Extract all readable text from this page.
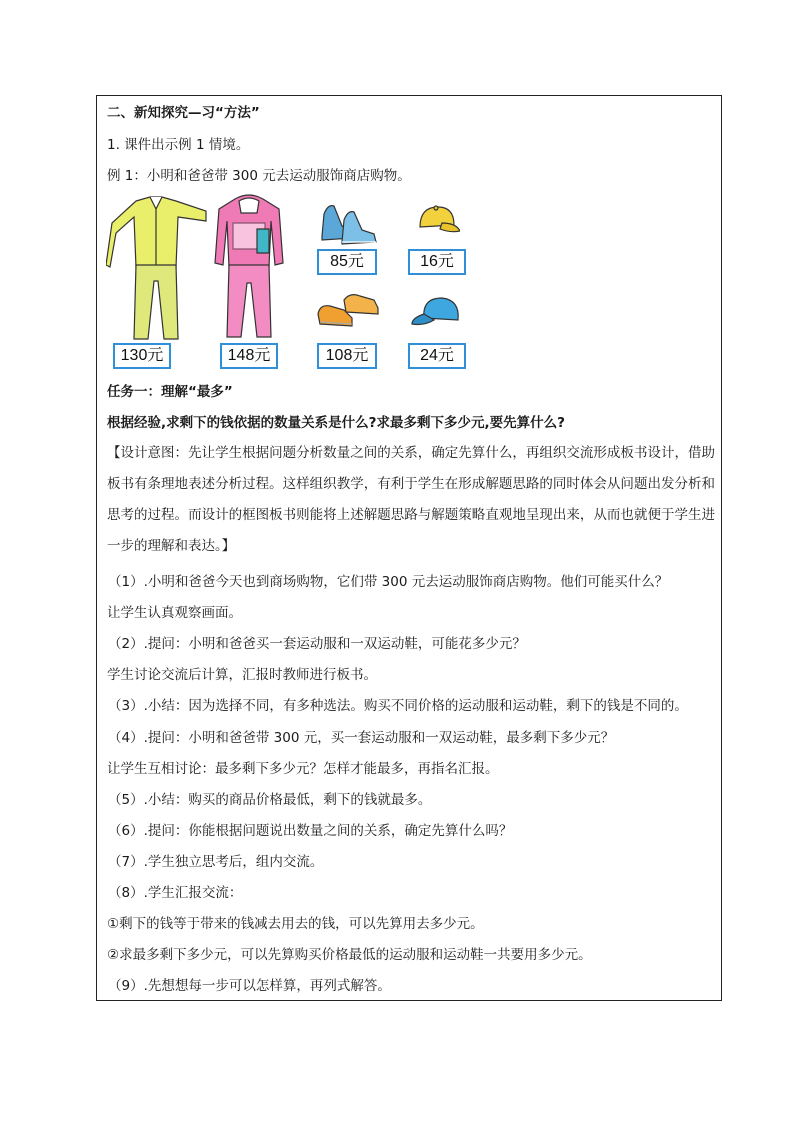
二、新知探究—习“方法”
1. 课件出示例 1 情境。
例 1：小明和爸爸带 300 元去运动服饰商店购物。
130元	148元
85元	16元
108元	24元
任务一：理解“最多”
根据经验,求剩下的钱依据的数量关系是什么?求最多剩下多少元,要先算什么?
【设计意图：先让学生根据问题分析数量之间的关系，确定先算什么，再组织交流形成板书设计，借助板书有条理地表述分析过程。这样组织教学，有利于学生在形成解题思路的同时体会从问题出发分析和思考的过程。而设计的框图板书则能将上述解题思路与解题策略直观地呈现出来，从而也就便于学生进一步的理解和表达。】
（1）.小明和爸爸今天也到商场购物，它们带 300 元去运动服饰商店购物。他们可能买什么？
让学生认真观察画面。
（2）.提问：小明和爸爸买一套运动服和一双运动鞋，可能花多少元？
学生讨论交流后计算，汇报时教师进行板书。
（3）.小结：因为选择不同，有多种选法。购买不同价格的运动服和运动鞋，剩下的钱是不同的。
（4）.提问：小明和爸爸带 300 元，买一套运动服和一双运动鞋，最多剩下多少元？
让学生互相讨论：最多剩下多少元？怎样才能最多，再指名汇报。
（5）.小结：购买的商品价格最低，剩下的钱就最多。
（6）.提问：你能根据问题说出数量之间的关系，确定先算什么吗？
（7）.学生独立思考后，组内交流。
（8）.学生汇报交流：
①剩下的钱等于带来的钱减去用去的钱，可以先算用去多少元。
②求最多剩下多少元，可以先算购买价格最低的运动服和运动鞋一共要用多少元。
（9）.先想想每一步可以怎样算，再列式解答。
